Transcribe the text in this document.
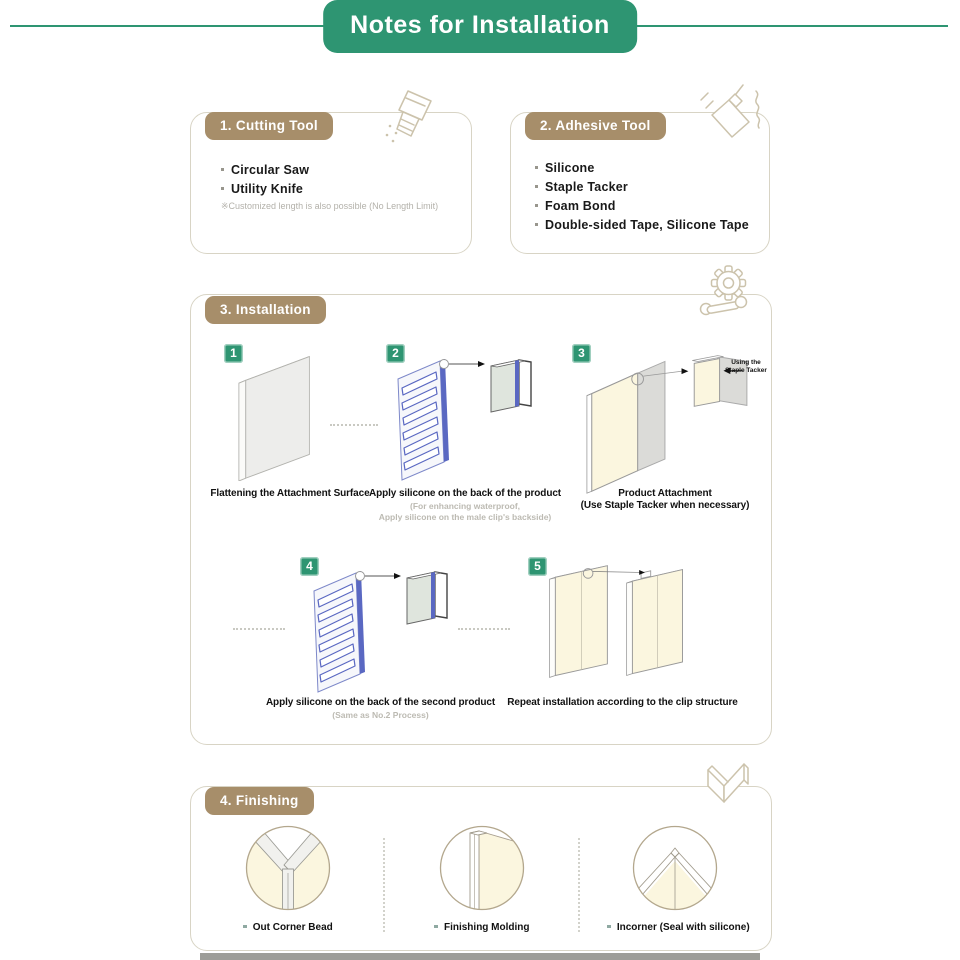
Notes for Installation
1. Cutting Tool
Circular Saw
Utility Knife
※Customized length is also possible (No Length Limit)
2. Adhesive Tool
Silicone
Staple Tacker
Foam Bond
Double-sided Tape, Silicone Tape
3. Installation
1	2	3
Using the
Staple Tacker
Flattening the Attachment Surface Apply silicone on the back of the product
(For enhancing waterproof,
Apply silicone on the male clip's backside)
Product Attachment
(Use Staple Tacker when necessary)
4	5
Apply silicone on the back of the second product
(Same as No.2 Process)
Repeat installation according to the clip structure
4. Finishing
Out Corner Bead	Finishing Molding	Incorner (Seal with silicone)
